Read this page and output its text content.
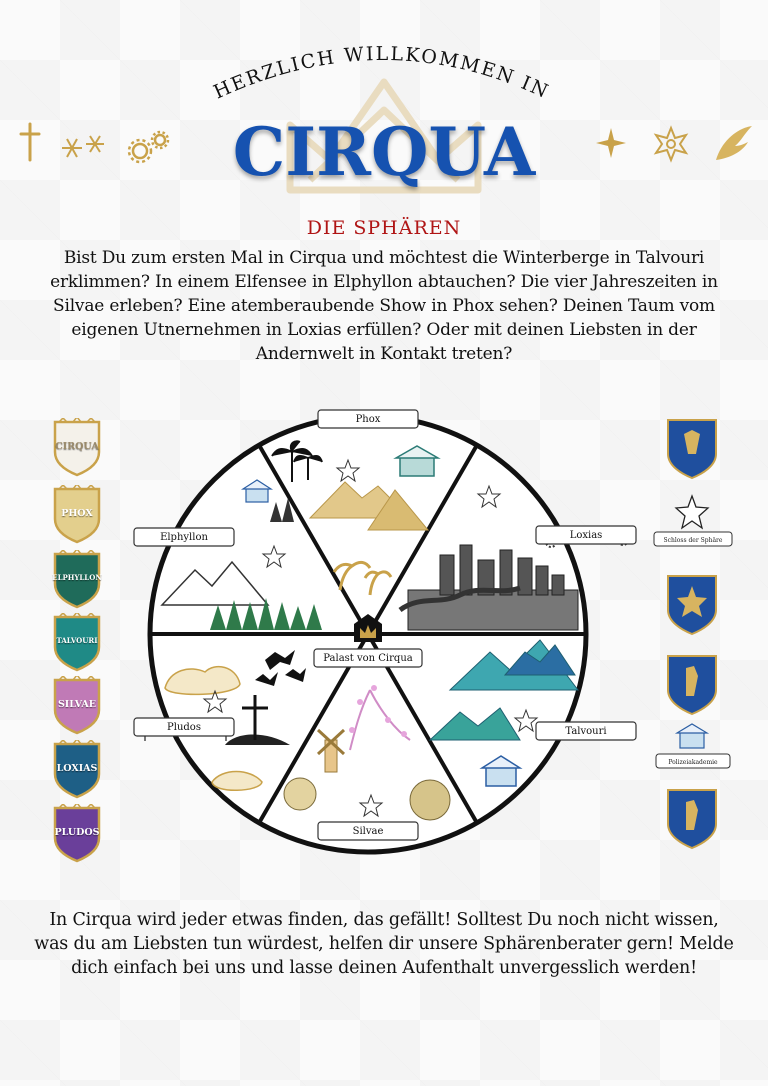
HERZLICH WILLKOMMEN IN
CIRQUA
DIE SPHÄREN
Bist Du zum ersten Mal in Cirqua und möchtest die Winterberge in Talvouri erklimmen? In einem Elfensee in Elphyllon abtauchen? Die vier Jahreszeiten in Silvae erleben? Eine atemberaubende Show in Phox sehen? Deinen Taum vom eigenen Utnernehmen in Loxias erfüllen? Oder mit deinen Liebsten in der Andernwelt in Kontakt treten?
Phox
Loxias
Talvouri
Silvae
Pludos
Elphyllon
Palast von Cirqua
CIRQUA
PHOX
ELPHYLLON
TALVOURI
SILVAE
LOXIAS
PLUDOS
Schloss der Sphäre
Polizeiakademie
In Cirqua wird jeder etwas finden, das gefällt! Solltest Du noch nicht wissen, was du am Liebsten tun würdest, helfen dir unsere Sphärenberater gern! Melde dich einfach bei uns und lasse deinen Aufenthalt unvergesslich werden!
